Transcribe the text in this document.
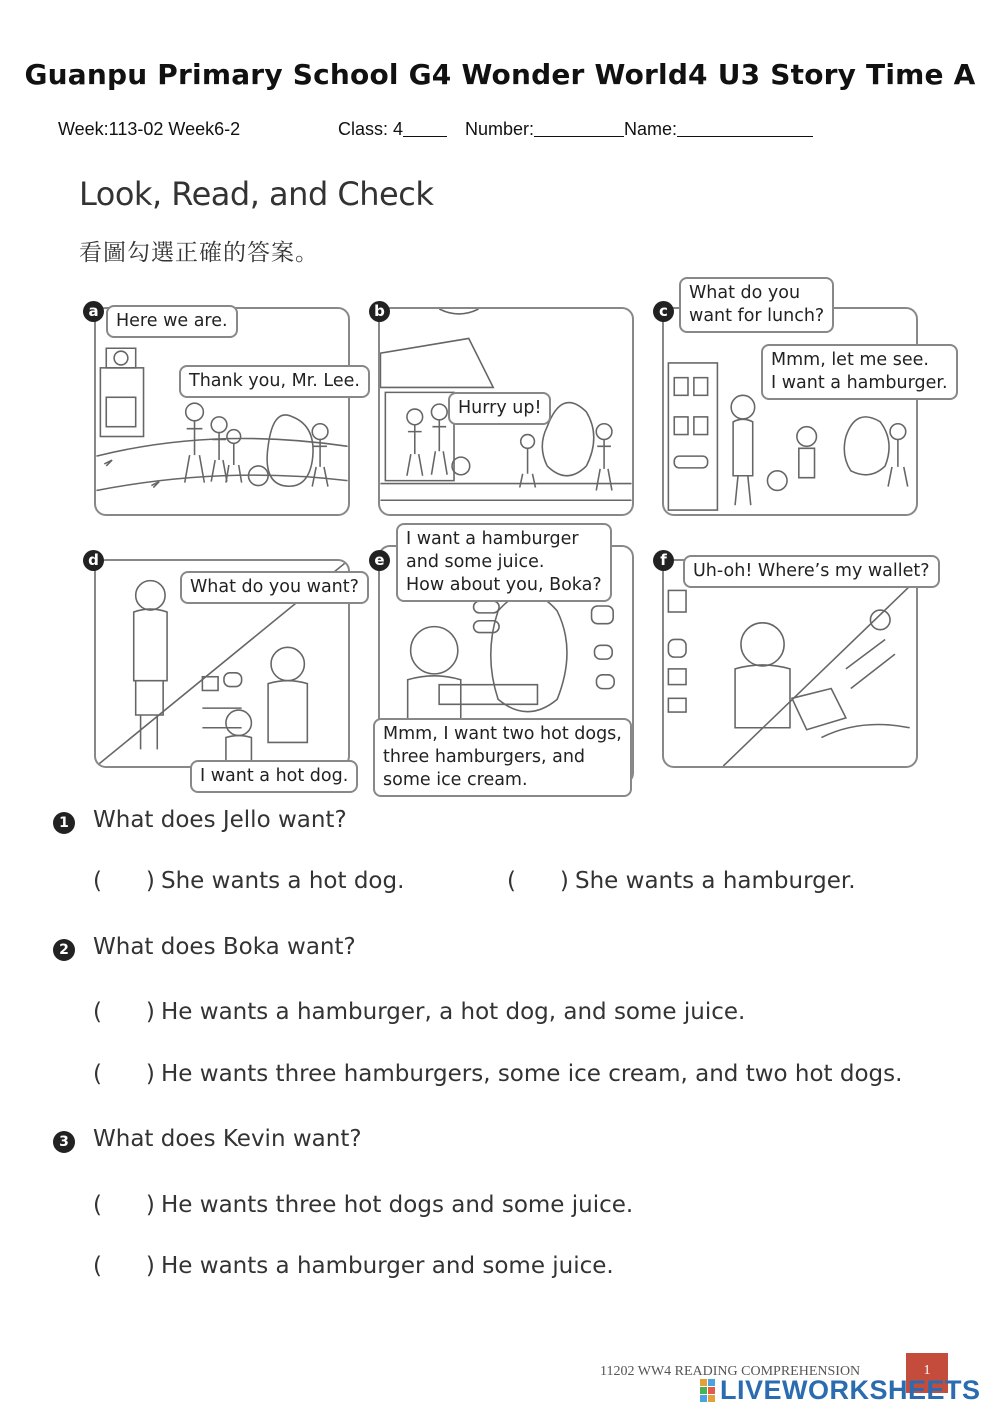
Guanpu Primary School G4 Wonder World4 U3 Story Time A
Week:113-02 Week6-2	Class: 4	Number:	Name:
Look, Read, and Check
看圖勾選正確的答案。
a Here we are.
Thank you, Mr. Lee.
b
Hurry up!
c
What do you
want for lunch?
Mmm, let me see.
I want a hamburger.
d
What do you want?
I want a hot dog.
e
I want a hamburger
and some juice.
How about you, Boka?
Mmm, I want two hot dogs,
three hamburgers, and
some ice cream.
f
Uh-oh! Where’s my wallet?
1 What does Jello want?
(      ) She wants a hot dog.	(      ) She wants a hamburger.
2 What does Boka want?
(      ) He wants a hamburger, a hot dog, and some juice.
(      ) He wants three hamburgers, some ice cream, and two hot dogs.
3 What does Kevin want?
(      ) He wants three hot dogs and some juice.
(      ) He wants a hamburger and some juice.
1
11202 WW4 READING COMPREHENSION
LIVEWORKSHEETS
